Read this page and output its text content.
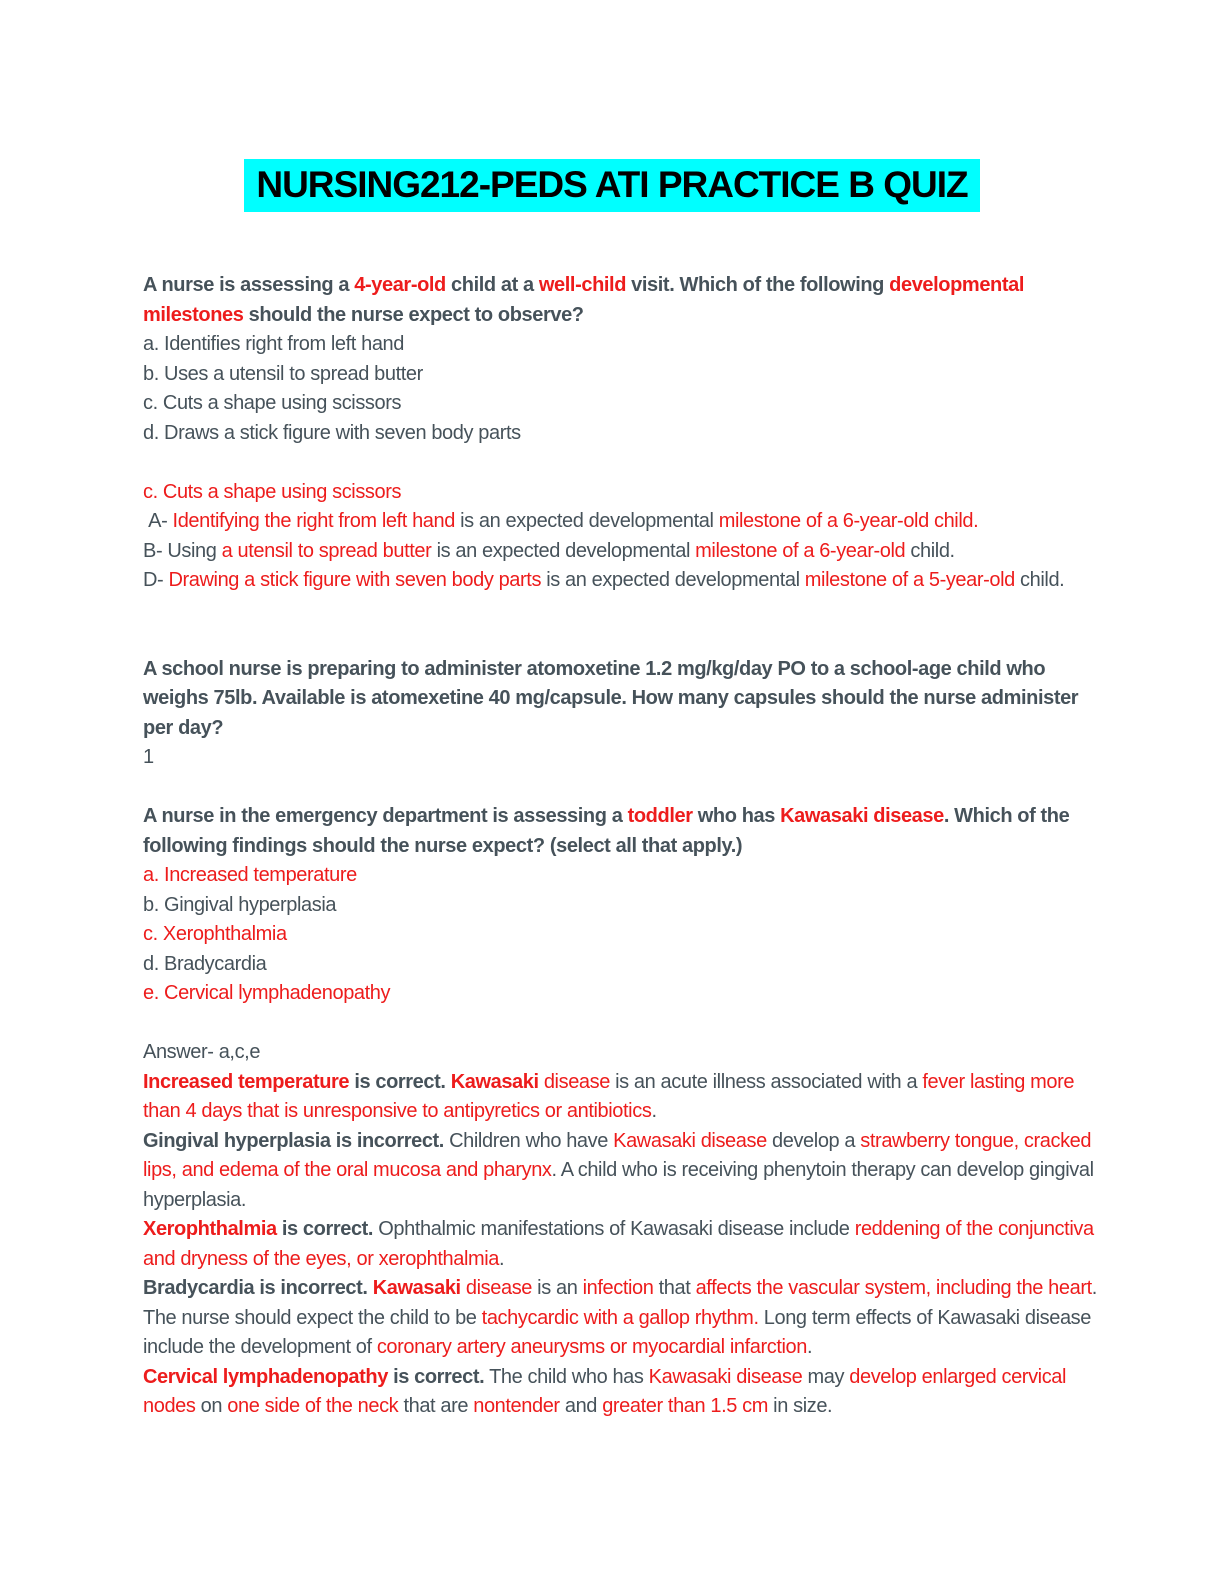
NURSING212-PEDS ATI PRACTICE B QUIZ
A nurse is assessing a 4-year-old child at a well-child visit. Which of the following developmental milestones should the nurse expect to observe?
a. Identifies right from left hand
b. Uses a utensil to spread butter
c. Cuts a shape using scissors
d. Draws a stick figure with seven body parts

c. Cuts a shape using scissors
A- Identifying the right from left hand is an expected developmental milestone of a 6-year-old child.
B- Using a utensil to spread butter is an expected developmental milestone of a 6-year-old child.
D- Drawing a stick figure with seven body parts is an expected developmental milestone of a 5-year-old child.

A school nurse is preparing to administer atomoxetine 1.2 mg/kg/day PO to a school-age child who weighs 75lb. Available is atomexetine 40 mg/capsule. How many capsules should the nurse administer per day?
1

A nurse in the emergency department is assessing a toddler who has Kawasaki disease. Which of the following findings should the nurse expect? (select all that apply.)
a. Increased temperature
b. Gingival hyperplasia
c. Xerophthalmia
d. Bradycardia
e. Cervical lymphadenopathy

Answer- a,c,e
Increased temperature is correct. Kawasaki disease is an acute illness associated with a fever lasting more than 4 days that is unresponsive to antipyretics or antibiotics.
Gingival hyperplasia is incorrect. Children who have Kawasaki disease develop a strawberry tongue, cracked lips, and edema of the oral mucosa and pharynx. A child who is receiving phenytoin therapy can develop gingival hyperplasia.
Xerophthalmia is correct. Ophthalmic manifestations of Kawasaki disease include reddening of the conjunctiva and dryness of the eyes, or xerophthalmia.
Bradycardia is incorrect. Kawasaki disease is an infection that affects the vascular system, including the heart. The nurse should expect the child to be tachycardic with a gallop rhythm. Long term effects of Kawasaki disease include the development of coronary artery aneurysms or myocardial infarction.
Cervical lymphadenopathy is correct. The child who has Kawasaki disease may develop enlarged cervical nodes on one side of the neck that are nontender and greater than 1.5 cm in size.
